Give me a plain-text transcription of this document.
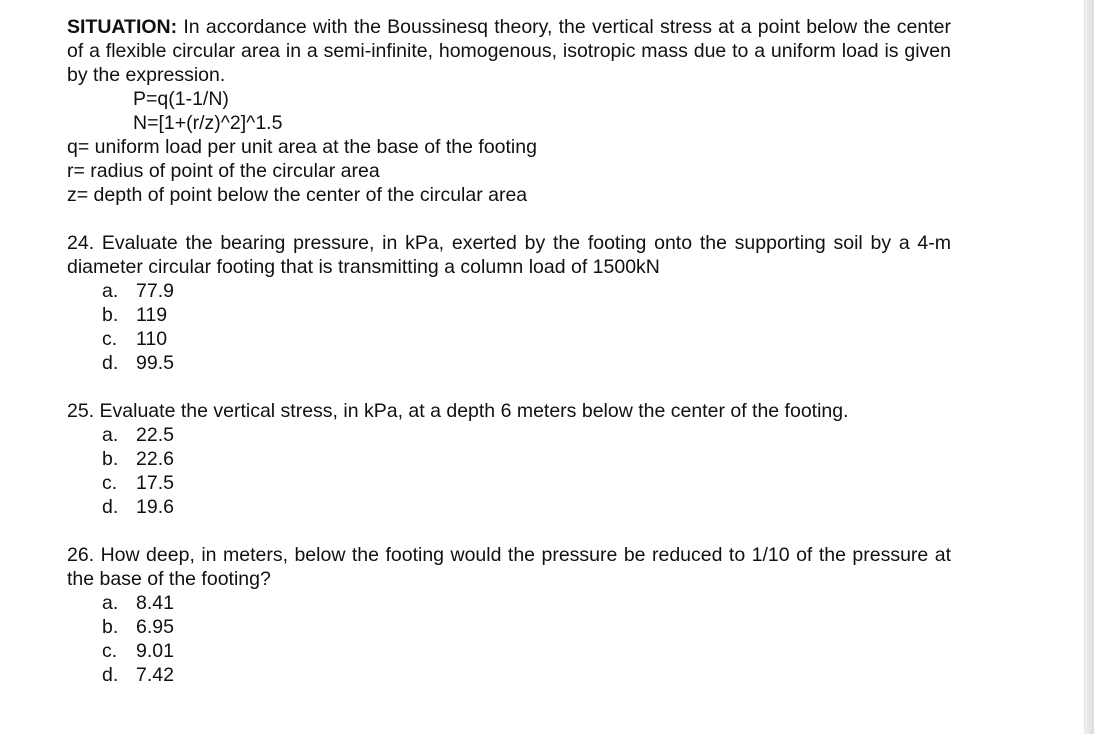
SITUATION: In accordance with the Boussinesq theory, the vertical stress at a point below the center of a flexible circular area in a semi-infinite, homogenous, isotropic mass due to a uniform load is given by the expression.

P=q(1-1/N)

N=[1+(r/z)^2]^1.5

q= uniform load per unit area at the base of the footing

r= radius of point of the circular area

z= depth of point below the center of the circular area

24. Evaluate the bearing pressure, in kPa, exerted by the footing onto the supporting soil by a 4-m diameter circular footing that is transmitting a column load of 1500kN

a. 77.9
b. 119
c. 110
d. 99.5

25. Evaluate the vertical stress, in kPa, at a depth 6 meters below the center of the footing.

a. 22.5
b. 22.6
c. 17.5
d. 19.6

26. How deep, in meters, below the footing would the pressure be reduced to 1/10 of the pressure at the base of the footing?

a. 8.41
b. 6.95
c. 9.01
d. 7.42
